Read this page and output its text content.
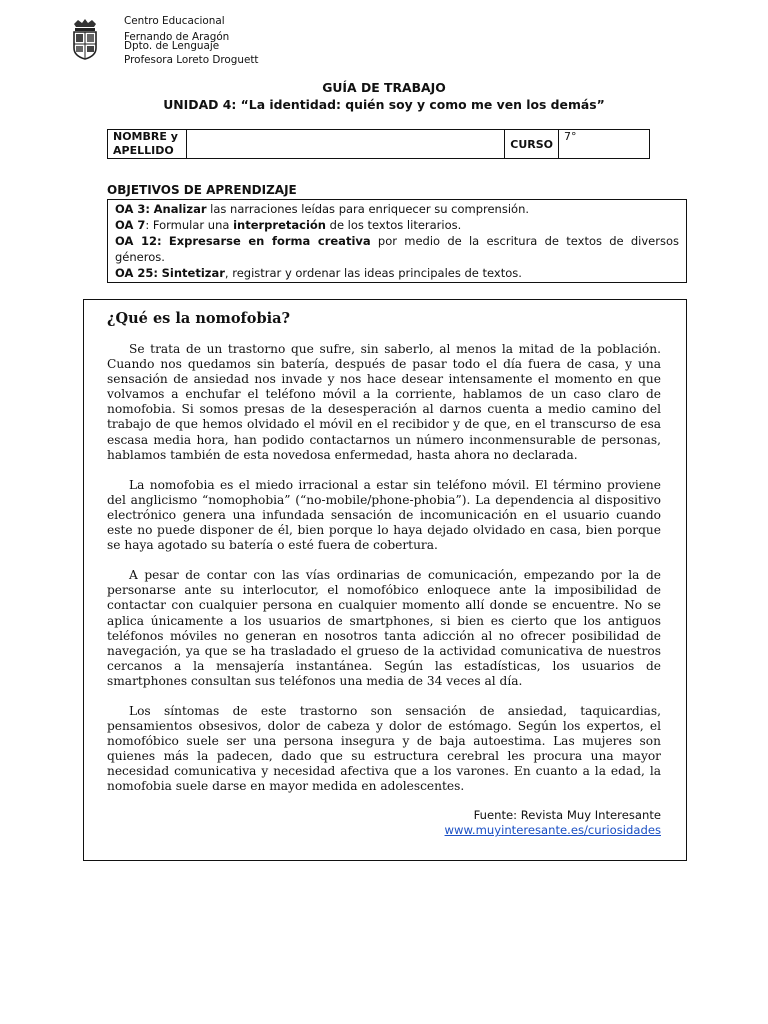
Centro Educacional
Fernando de Aragón
Dpto. de Lenguaje
Profesora Loreto Droguett
GUÍA DE TRABAJO
UNIDAD 4: “La identidad: quién soy y como me ven los demás”
NOMBRE y APELLIDO		CURSO	7°
OBJETIVOS DE APRENDIZAJE
OA 3: Analizar las narraciones leídas para enriquecer su comprensión.
OA 7: Formular una interpretación de los textos literarios.
OA 12: Expresarse en forma creativa por medio de la escritura de textos de diversos
géneros.
OA 25: Sintetizar, registrar y ordenar las ideas principales de textos.
¿Qué es la nomofobia?

Se trata de un trastorno que sufre, sin saberlo, al menos la mitad de la población. Cuando nos quedamos sin batería, después de pasar todo el día fuera de casa, y una sensación de ansiedad nos invade y nos hace desear intensamente el momento en que volvamos a enchufar el teléfono móvil a la corriente, hablamos de un caso claro de nomofobia. Si somos presas de la desesperación al darnos cuenta a medio camino del trabajo de que hemos olvidado el móvil en el recibidor y de que, en el transcurso de esa escasa media hora, han podido contactarnos un número inconmensurable de personas, hablamos también de esta novedosa enfermedad, hasta ahora no declarada.

La nomofobia es el miedo irracional a estar sin teléfono móvil. El término proviene del anglicismo “nomophobia” (“no-mobile/phone-phobia”). La dependencia al dispositivo electrónico genera una infundada sensación de incomunicación en el usuario cuando este no puede disponer de él, bien porque lo haya dejado olvidado en casa, bien porque se haya agotado su batería o esté fuera de cobertura.

A pesar de contar con las vías ordinarias de comunicación, empezando por la de personarse ante su interlocutor, el nomofóbico enloquece ante la imposibilidad de contactar con cualquier persona en cualquier momento allí donde se encuentre. No se aplica únicamente a los usuarios de smartphones, si bien es cierto que los antiguos teléfonos móviles no generan en nosotros tanta adicción al no ofrecer posibilidad de navegación, ya que se ha trasladado el grueso de la actividad comunicativa de nuestros cercanos a la mensajería instantánea. Según las estadísticas, los usuarios de smartphones consultan sus teléfonos una media de 34 veces al día.

Los síntomas de este trastorno son sensación de ansiedad, taquicardias, pensamientos obsesivos, dolor de cabeza y dolor de estómago. Según los expertos, el nomofóbico suele ser una persona insegura y de baja autoestima. Las mujeres son quienes más la padecen, dado que su estructura cerebral les procura una mayor necesidad comunicativa y necesidad afectiva que a los varones. En cuanto a la edad, la nomofobia suele darse en mayor medida en adolescentes.

Fuente: Revista Muy Interesante
www.muyinteresante.es/curiosidades
